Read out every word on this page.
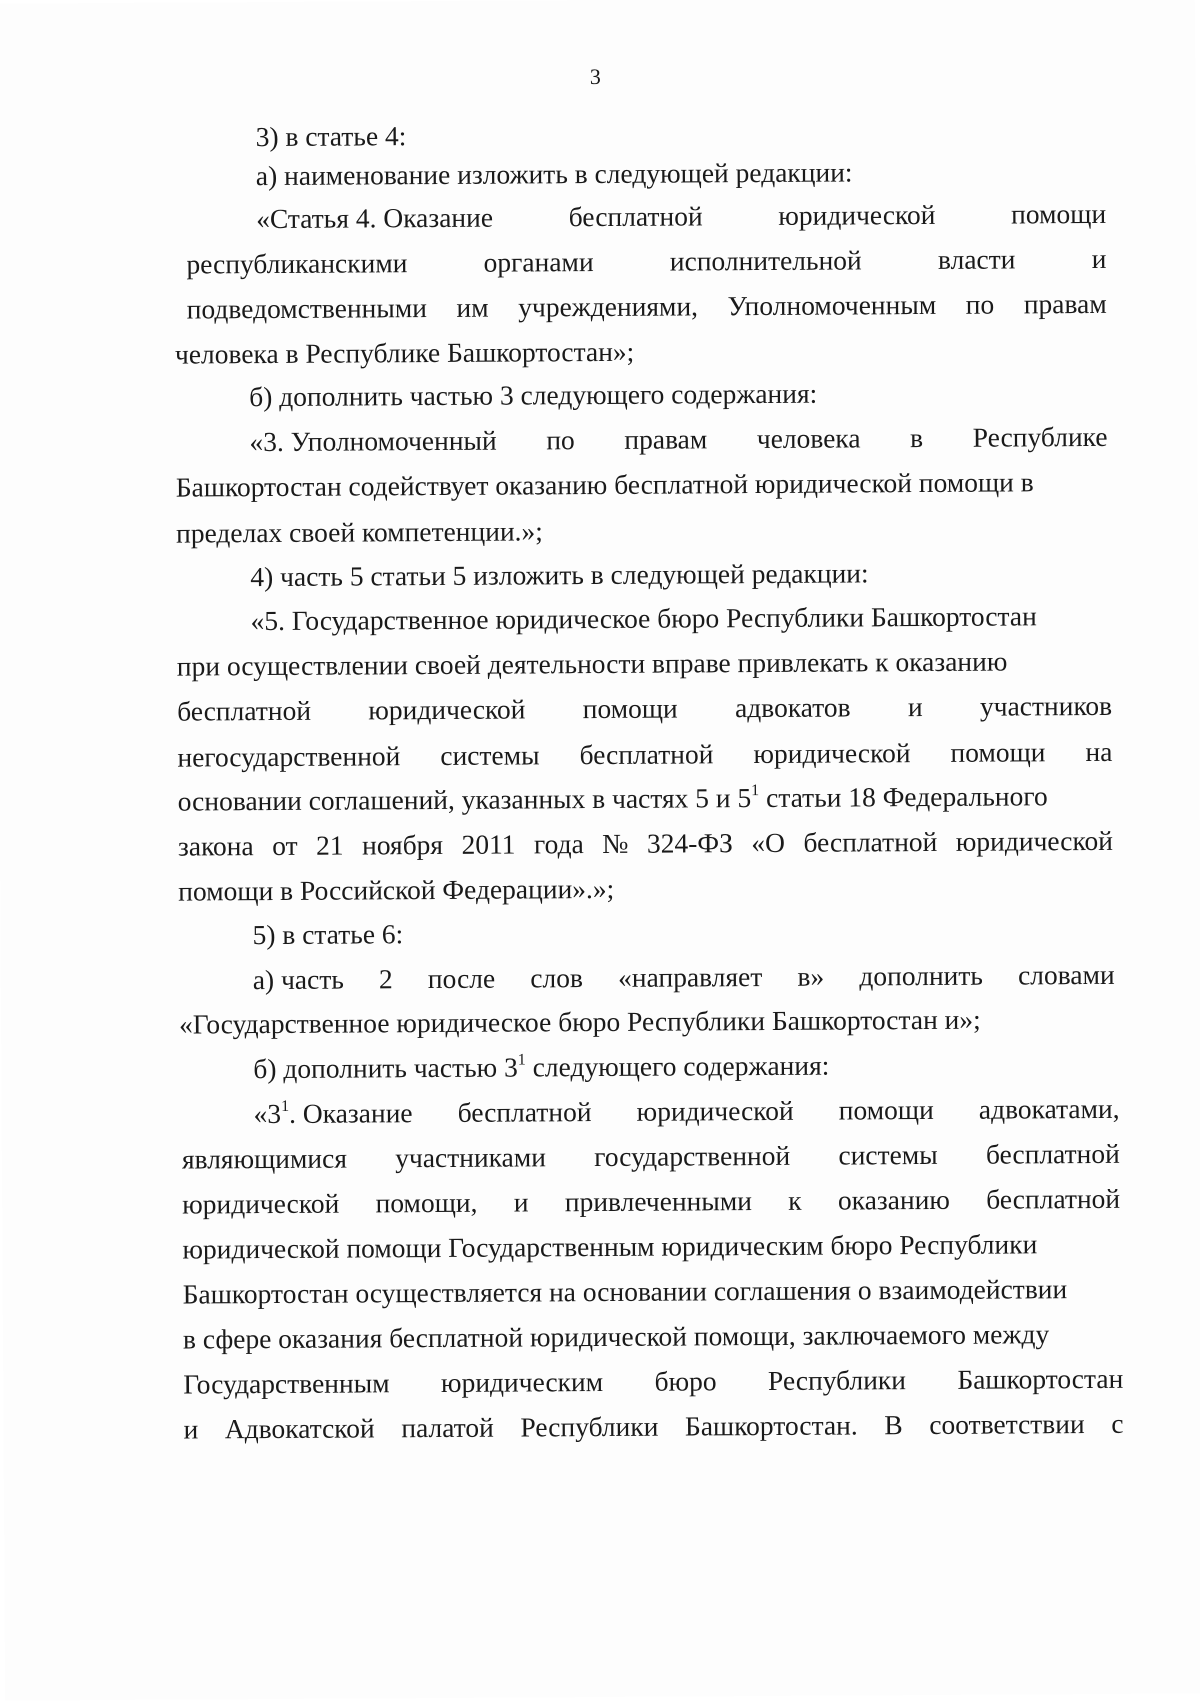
3
3) в статье 4:
а) наименование изложить в следующей редакции:
«Статья 4. Оказание	бесплатной	юридической	помощи
республиканскими	органами	исполнительной	власти	и
подведомственными им учреждениями, Уполномоченным по правам
человека в Республике Башкортостан»;
б) дополнить частью 3 следующего содержания:
«3. Уполномоченный по правам человека в Республике
Башкортостан содействует оказанию бесплатной юридической помощи в
пределах своей компетенции.»;
4) часть 5 статьи 5 изложить в следующей редакции:
«5. Государственное юридическое бюро Республики Башкортостан
при осуществлении своей деятельности вправе привлекать к оказанию
бесплатной юридической помощи адвокатов и участников
негосударственной системы бесплатной юридической помощи на
основании соглашений, указанных в частях 5 и $5^1$ статьи 18 Федерального
закона от 21 ноября 2011 года № 324-ФЗ «О бесплатной юридической
помощи в Российской Федерации».»;
5) в статье 6:
а) часть 2 после слов «направляет в» дополнить словами
«Государственное юридическое бюро Республики Башкортостан и»;
б) дополнить частью $3^1$ следующего содержания:
«$3^1$. Оказание бесплатной юридической помощи адвокатами,
являющимися участниками государственной системы бесплатной
юридической помощи, и привлеченными к оказанию бесплатной
юридической помощи Государственным юридическим бюро Республики
Башкортостан осуществляется на основании соглашения о взаимодействии
в сфере оказания бесплатной юридической помощи, заключаемого между
Государственным юридическим бюро Республики Башкортостан
и Адвокатской палатой Республики Башкортостан. В соответствии с
